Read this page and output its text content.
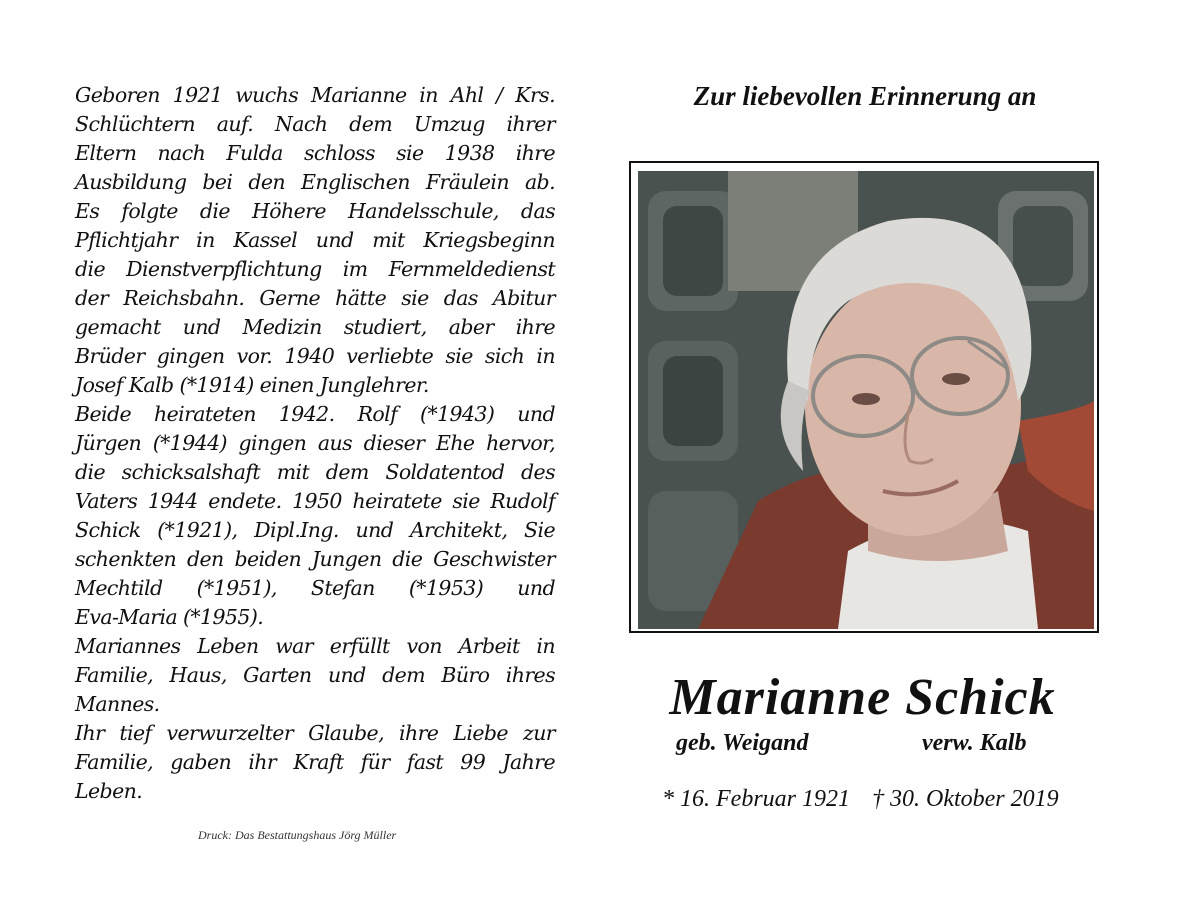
Geboren 1921 wuchs Marianne in Ahl / Krs.
Schlüchtern auf. Nach dem Umzug ihrer
Eltern nach Fulda schloss sie 1938 ihre
Ausbildung bei den Englischen Fräulein ab.
Es folgte die Höhere Handelsschule, das
Pflichtjahr in Kassel und mit Kriegsbeginn
die Dienstverpflichtung im Fernmeldedienst
der Reichsbahn. Gerne hätte sie das Abitur
gemacht und Medizin studiert, aber ihre
Brüder gingen vor. 1940 verliebte sie sich in
Josef Kalb (*1914) einen Junglehrer.
Beide heirateten 1942. Rolf (*1943) und
Jürgen (*1944) gingen aus dieser Ehe hervor,
die schicksalshaft mit dem Soldatentod des
Vaters 1944 endete. 1950 heiratete sie Rudolf
Schick (*1921), Dipl.Ing. und Architekt, Sie
schenkten den beiden Jungen die Geschwister
Mechtild (*1951), Stefan (*1953) und
Eva-Maria (*1955).
Mariannes Leben war erfüllt von Arbeit in
Familie, Haus, Garten und dem Büro ihres
Mannes.
Ihr tief verwurzelter Glaube, ihre Liebe zur
Familie, gaben ihr Kraft für fast 99 Jahre
Leben.
Druck: Das Bestattungshaus Jörg Müller
Zur liebevollen Erinnerung an
Marianne Schick
geb. Weigand	verw. Kalb
* 16. Februar 1921 † 30. Oktober 2019
